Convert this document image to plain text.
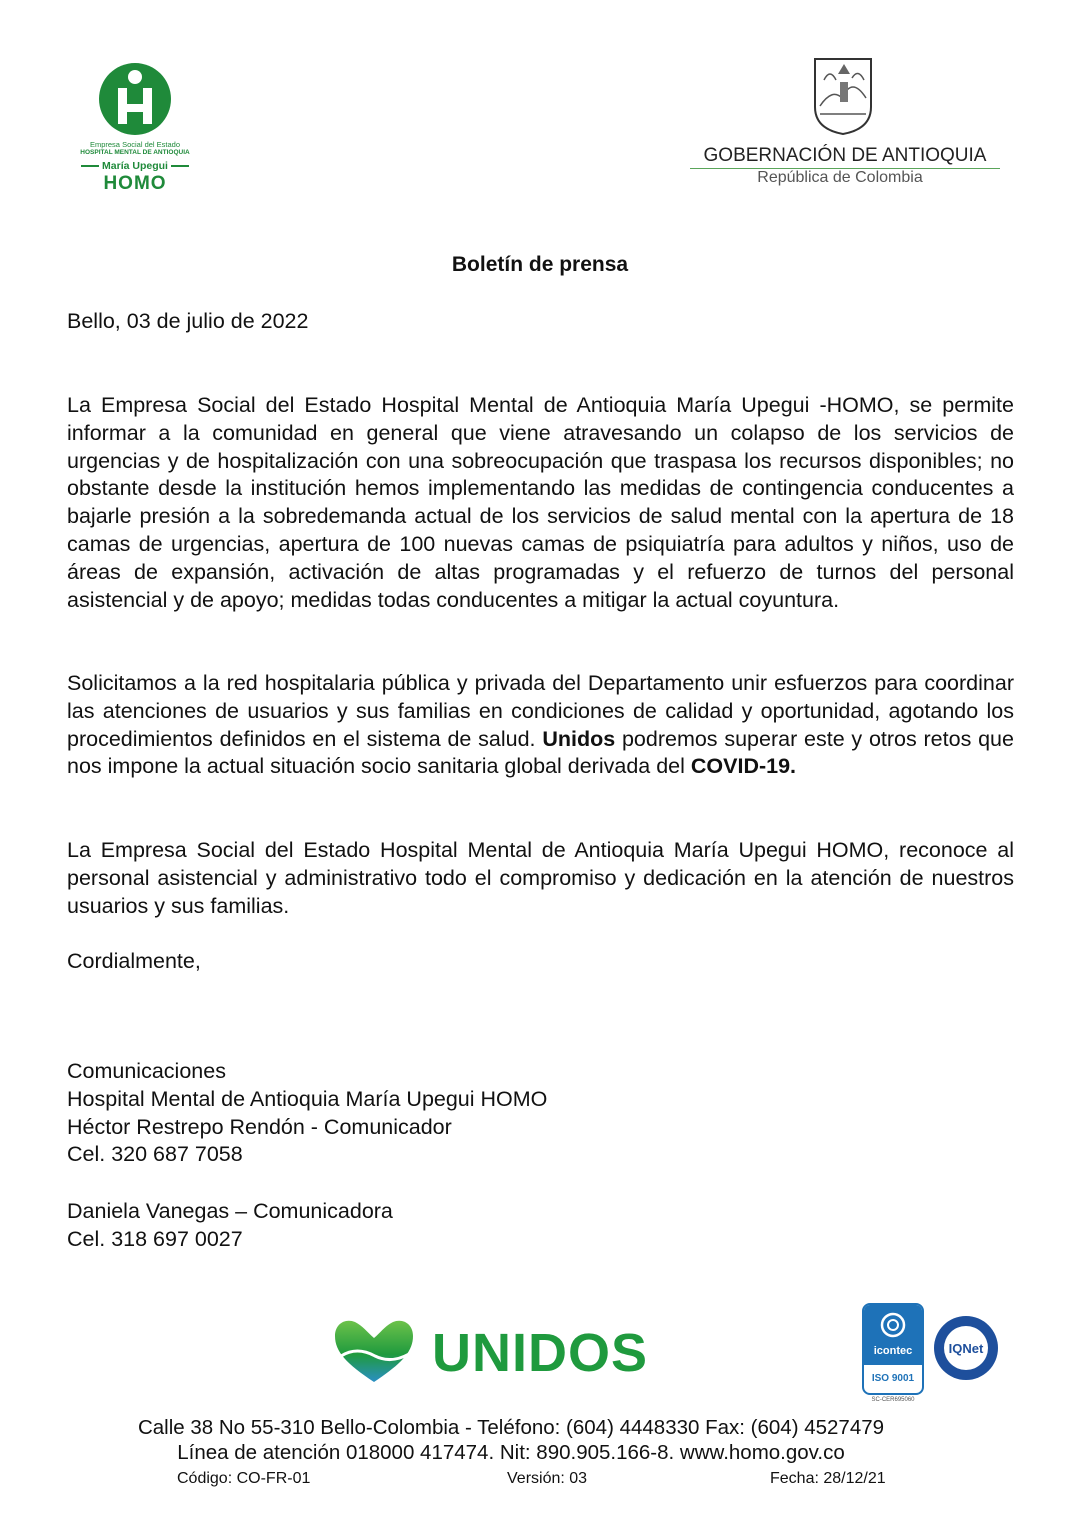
Empresa Social del Estado
HOSPITAL MENTAL DE ANTIOQUIA
María Upegui
HOMO
GOBERNACIÓN DE ANTIOQUIA
República de Colombia
Boletín de prensa
Bello, 03 de julio de 2022
La Empresa Social del Estado Hospital Mental de Antioquia María Upegui -HOMO, se permite informar a la comunidad en general que viene atravesando un colapso de los servicios de urgencias y de hospitalización con una sobreocupación que traspasa los recursos disponibles; no obstante desde la institución hemos implementando las medidas de contingencia conducentes a bajarle presión a la sobredemanda actual de los servicios de salud mental con la apertura de 18 camas de urgencias, apertura de 100 nuevas camas de psiquiatría para adultos y niños, uso de áreas de expansión, activación de altas programadas y el refuerzo de turnos del personal asistencial y de apoyo; medidas todas conducentes a mitigar la actual coyuntura.
Solicitamos a la red hospitalaria pública y privada del Departamento unir esfuerzos para coordinar las atenciones de usuarios y sus familias en condiciones de calidad y oportunidad, agotando los procedimientos definidos en el sistema de salud. Unidos podremos superar este y otros retos que nos impone la actual situación socio sanitaria global derivada del COVID-19.
La Empresa Social del Estado Hospital Mental de Antioquia María Upegui HOMO, reconoce al personal asistencial y administrativo todo el compromiso y dedicación en la atención de nuestros usuarios y sus familias.
Cordialmente,
Comunicaciones
Hospital Mental de Antioquia María Upegui HOMO
Héctor Restrepo Rendón - Comunicador
Cel. 320 687 7058
Daniela Vanegas – Comunicadora
Cel. 318 697 0027
UNIDOS	icontec
ISO 9001
SC-CER695060
IQNet
Calle 38 No 55-310 Bello-Colombia - Teléfono: (604) 4448330 Fax: (604) 4527479
Línea de atención 018000 417474. Nit: 890.905.166-8. www.homo.gov.co
Código: CO-FR-01	Versión: 03	Fecha: 28/12/21
